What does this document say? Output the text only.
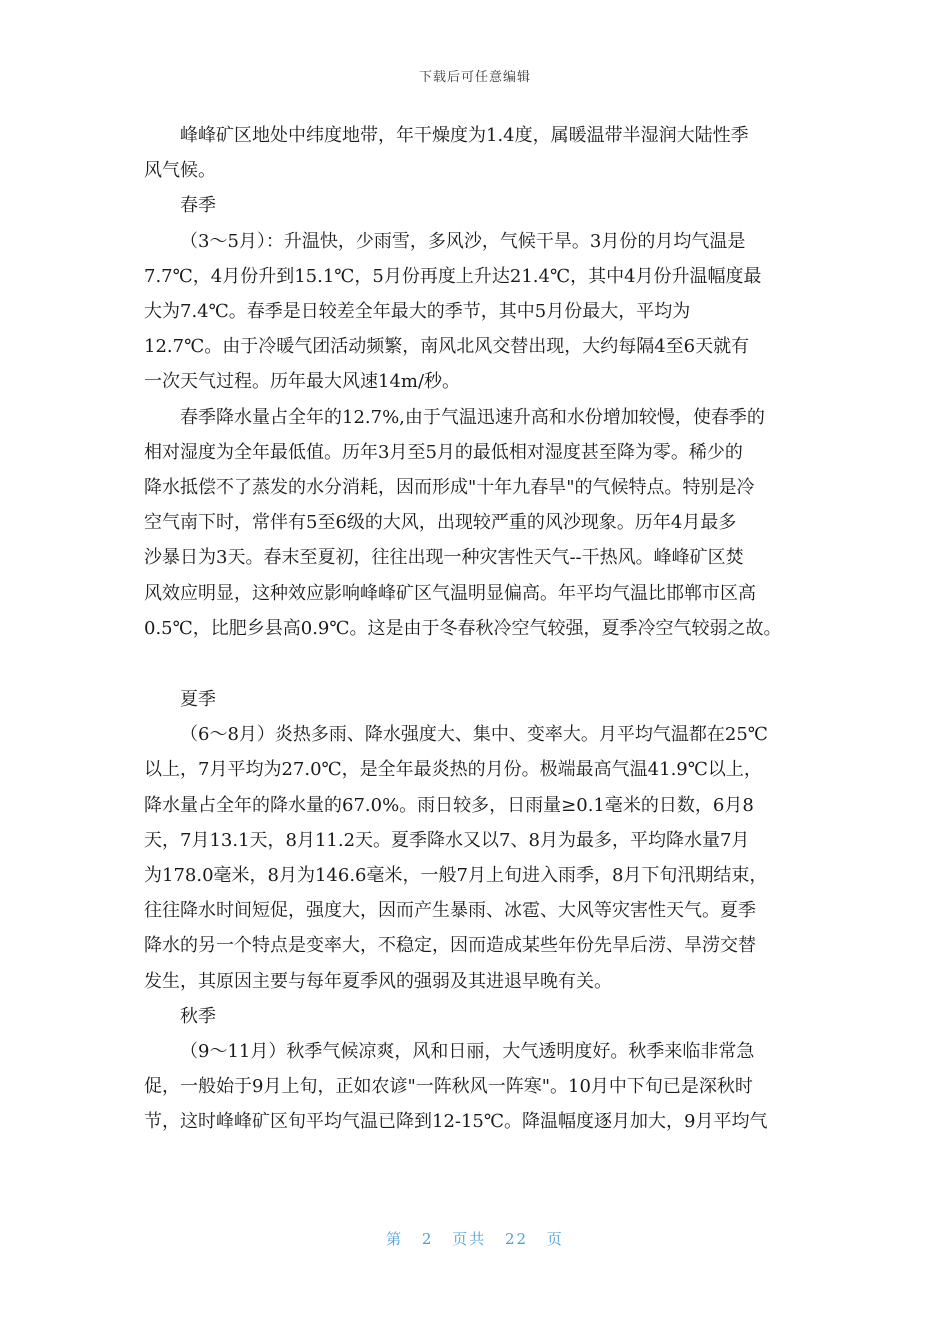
下载后可任意编辑

峰峰矿区地处中纬度地带，年干燥度为1.4度，属暖温带半湿润大陆性季

风气候。

春季

（3～5月）：升温快，少雨雪，多风沙，气候干旱。3月份的月均气温是

7.7℃，4月份升到15.1℃，5月份再度上升达21.4℃，其中4月份升温幅度最
大为7.4℃。春季是日较差全年最大的季节，其中5月份最大，平均为
12.7℃。由于冷暖气团活动频繁，南风北风交替出现，大约每隔4至6天就有
一次天气过程。历年最大风速14m/秒。

春季降水量占全年的12.7%,由于气温迅速升高和水份增加较慢，使春季的

相对湿度为全年最低值。历年3月至5月的最低相对湿度甚至降为零。稀少的
降水抵偿不了蒸发的水分消耗，因而形成"十年九春旱"的气候特点。特别是冷
空气南下时，常伴有5至6级的大风，出现较严重的风沙现象。历年4月最多
沙暴日为3天。春末至夏初，往往出现一种灾害性天气--干热风。峰峰矿区焚
风效应明显，这种效应影响峰峰矿区气温明显偏高。年平均气温比邯郸市区高
0.5℃，比肥乡县高0.9℃。这是由于冬春秋冷空气较强，夏季冷空气较弱之故。

夏季

（6～8月）炎热多雨、降水强度大、集中、变率大。月平均气温都在25℃

以上，7月平均为27.0℃，是全年最炎热的月份。极端最高气温41.9℃以上，
降水量占全年的降水量的67.0%。雨日较多，日雨量≥0.1毫米的日数，6月8
天，7月13.1天，8月11.2天。夏季降水又以7、8月为最多，平均降水量7月
为178.0毫米，8月为146.6毫米，一般7月上旬进入雨季，8月下旬汛期结束，
往往降水时间短促，强度大，因而产生暴雨、冰雹、大风等灾害性天气。夏季
降水的另一个特点是变率大，不稳定，因而造成某些年份先旱后涝、旱涝交替
发生，其原因主要与每年夏季风的强弱及其进退早晚有关。

秋季

（9～11月）秋季气候凉爽，风和日丽，大气透明度好。秋季来临非常急

促，一般始于9月上旬，正如农谚"一阵秋风一阵寒"。10月中下旬已是深秋时
节，这时峰峰矿区旬平均气温已降到12-15℃。降温幅度逐月加大，9月平均气
第 2 页共 22 页
